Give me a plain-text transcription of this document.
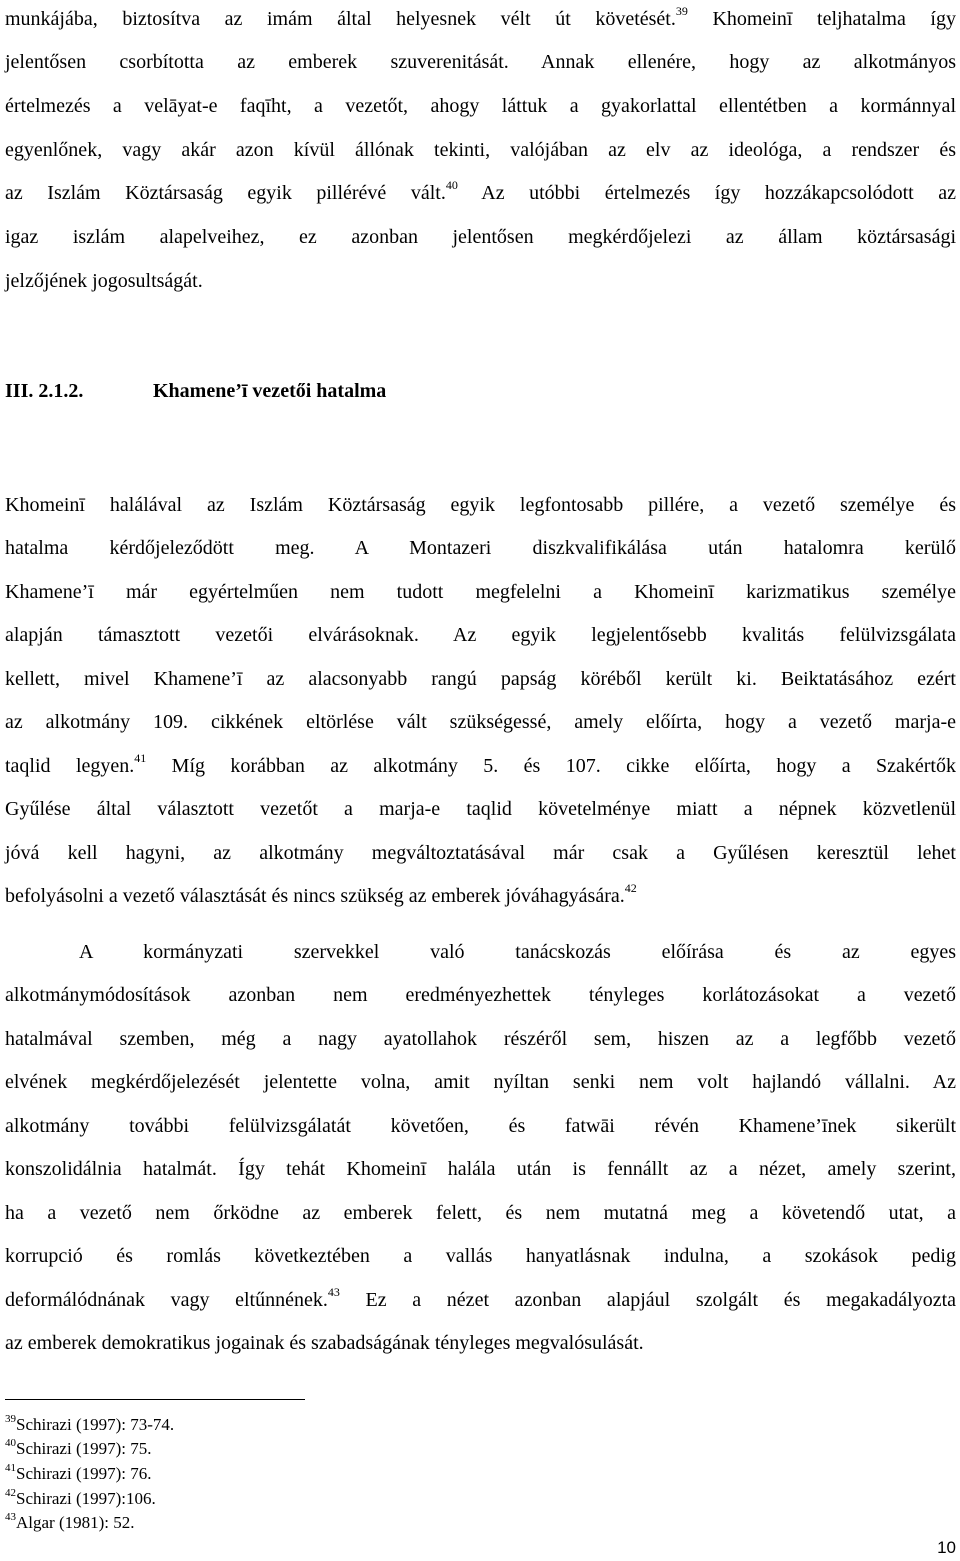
munkájába, biztosítva az imám által helyesnek vélt út követését.$^{39}$ Khomeinī teljhatalma így

jelentősen csorbította az emberek szuverenitását. Annak ellenére, hogy az alkotmányos

értelmezés a velāyat-e faqīht, a vezetőt, ahogy láttuk a gyakorlattal ellentétben a kormánnyal

egyenlőnek, vagy akár azon kívül állónak tekinti, valójában az elv az ideológa, a rendszer és

az Iszlám Köztársaság egyik pillérévé vált.$^{40}$ Az utóbbi értelmezés így hozzákapcsolódott az

igaz iszlám alapelveihez, ez azonban jelentősen megkérdőjelezi az állam köztársasági

jelzőjének jogosultságát.

III. 2.1.2.	Khamene’ī vezetői hatalma

Khomeinī halálával az Iszlám Köztársaság egyik legfontosabb pillére, a vezető személye és

hatalma kérdőjeleződött meg. A Montazeri diszkvalifikálása után hatalomra kerülő

Khamene’ī már egyértelműen nem tudott megfelelni a Khomeinī karizmatikus személye

alapján támasztott vezetői elvárásoknak. Az egyik legjelentősebb kvalitás felülvizsgálata

kellett, mivel Khamene’ī az alacsonyabb rangú papság köréből került ki. Beiktatásához ezért

az alkotmány 109. cikkének eltörlése vált szükségessé, amely előírta, hogy a vezető marja-e

taqlid legyen.$^{41}$ Míg korábban az alkotmány 5. és 107. cikke előírta, hogy a Szakértők

Gyűlése által választott vezetőt a marja-e taqlid követelménye miatt a népnek közvetlenül

jóvá kell hagyni, az alkotmány megváltoztatásával már csak a Gyűlésen keresztül lehet

befolyásolni a vezető választását és nincs szükség az emberek jóváhagyására.$^{42}$

A kormányzati szervekkel való tanácskozás előírása és az egyes

alkotmánymódosítások azonban nem eredményezhettek tényleges korlátozásokat a vezető

hatalmával szemben, még a nagy ayatollahok részéről sem, hiszen az a legfőbb vezető

elvének megkérdőjelezését jelentette volna, amit nyíltan senki nem volt hajlandó vállalni. Az

alkotmány további felülvizsgálatát követően, és fatwāi révén Khamene’īnek sikerült

konszolidálnia hatalmát. Így tehát Khomeinī halála után is fennállt az a nézet, amely szerint,

ha a vezető nem őrködne az emberek felett, és nem mutatná meg a követendő utat, a

korrupció és romlás következtében a vallás hanyatlásnak indulna, a szokások pedig

deformálódnának vagy eltűnnének.$^{43}$ Ez a nézet azonban alapjául szolgált és megakadályozta

az emberek demokratikus jogainak és szabadságának tényleges megvalósulását.

$^{39}$Schirazi (1997): 73-74.
$^{40}$Schirazi (1997): 75.
$^{41}$Schirazi (1997): 76.
$^{42}$Schirazi (1997):106.
$^{43}$Algar (1981): 52.
10
